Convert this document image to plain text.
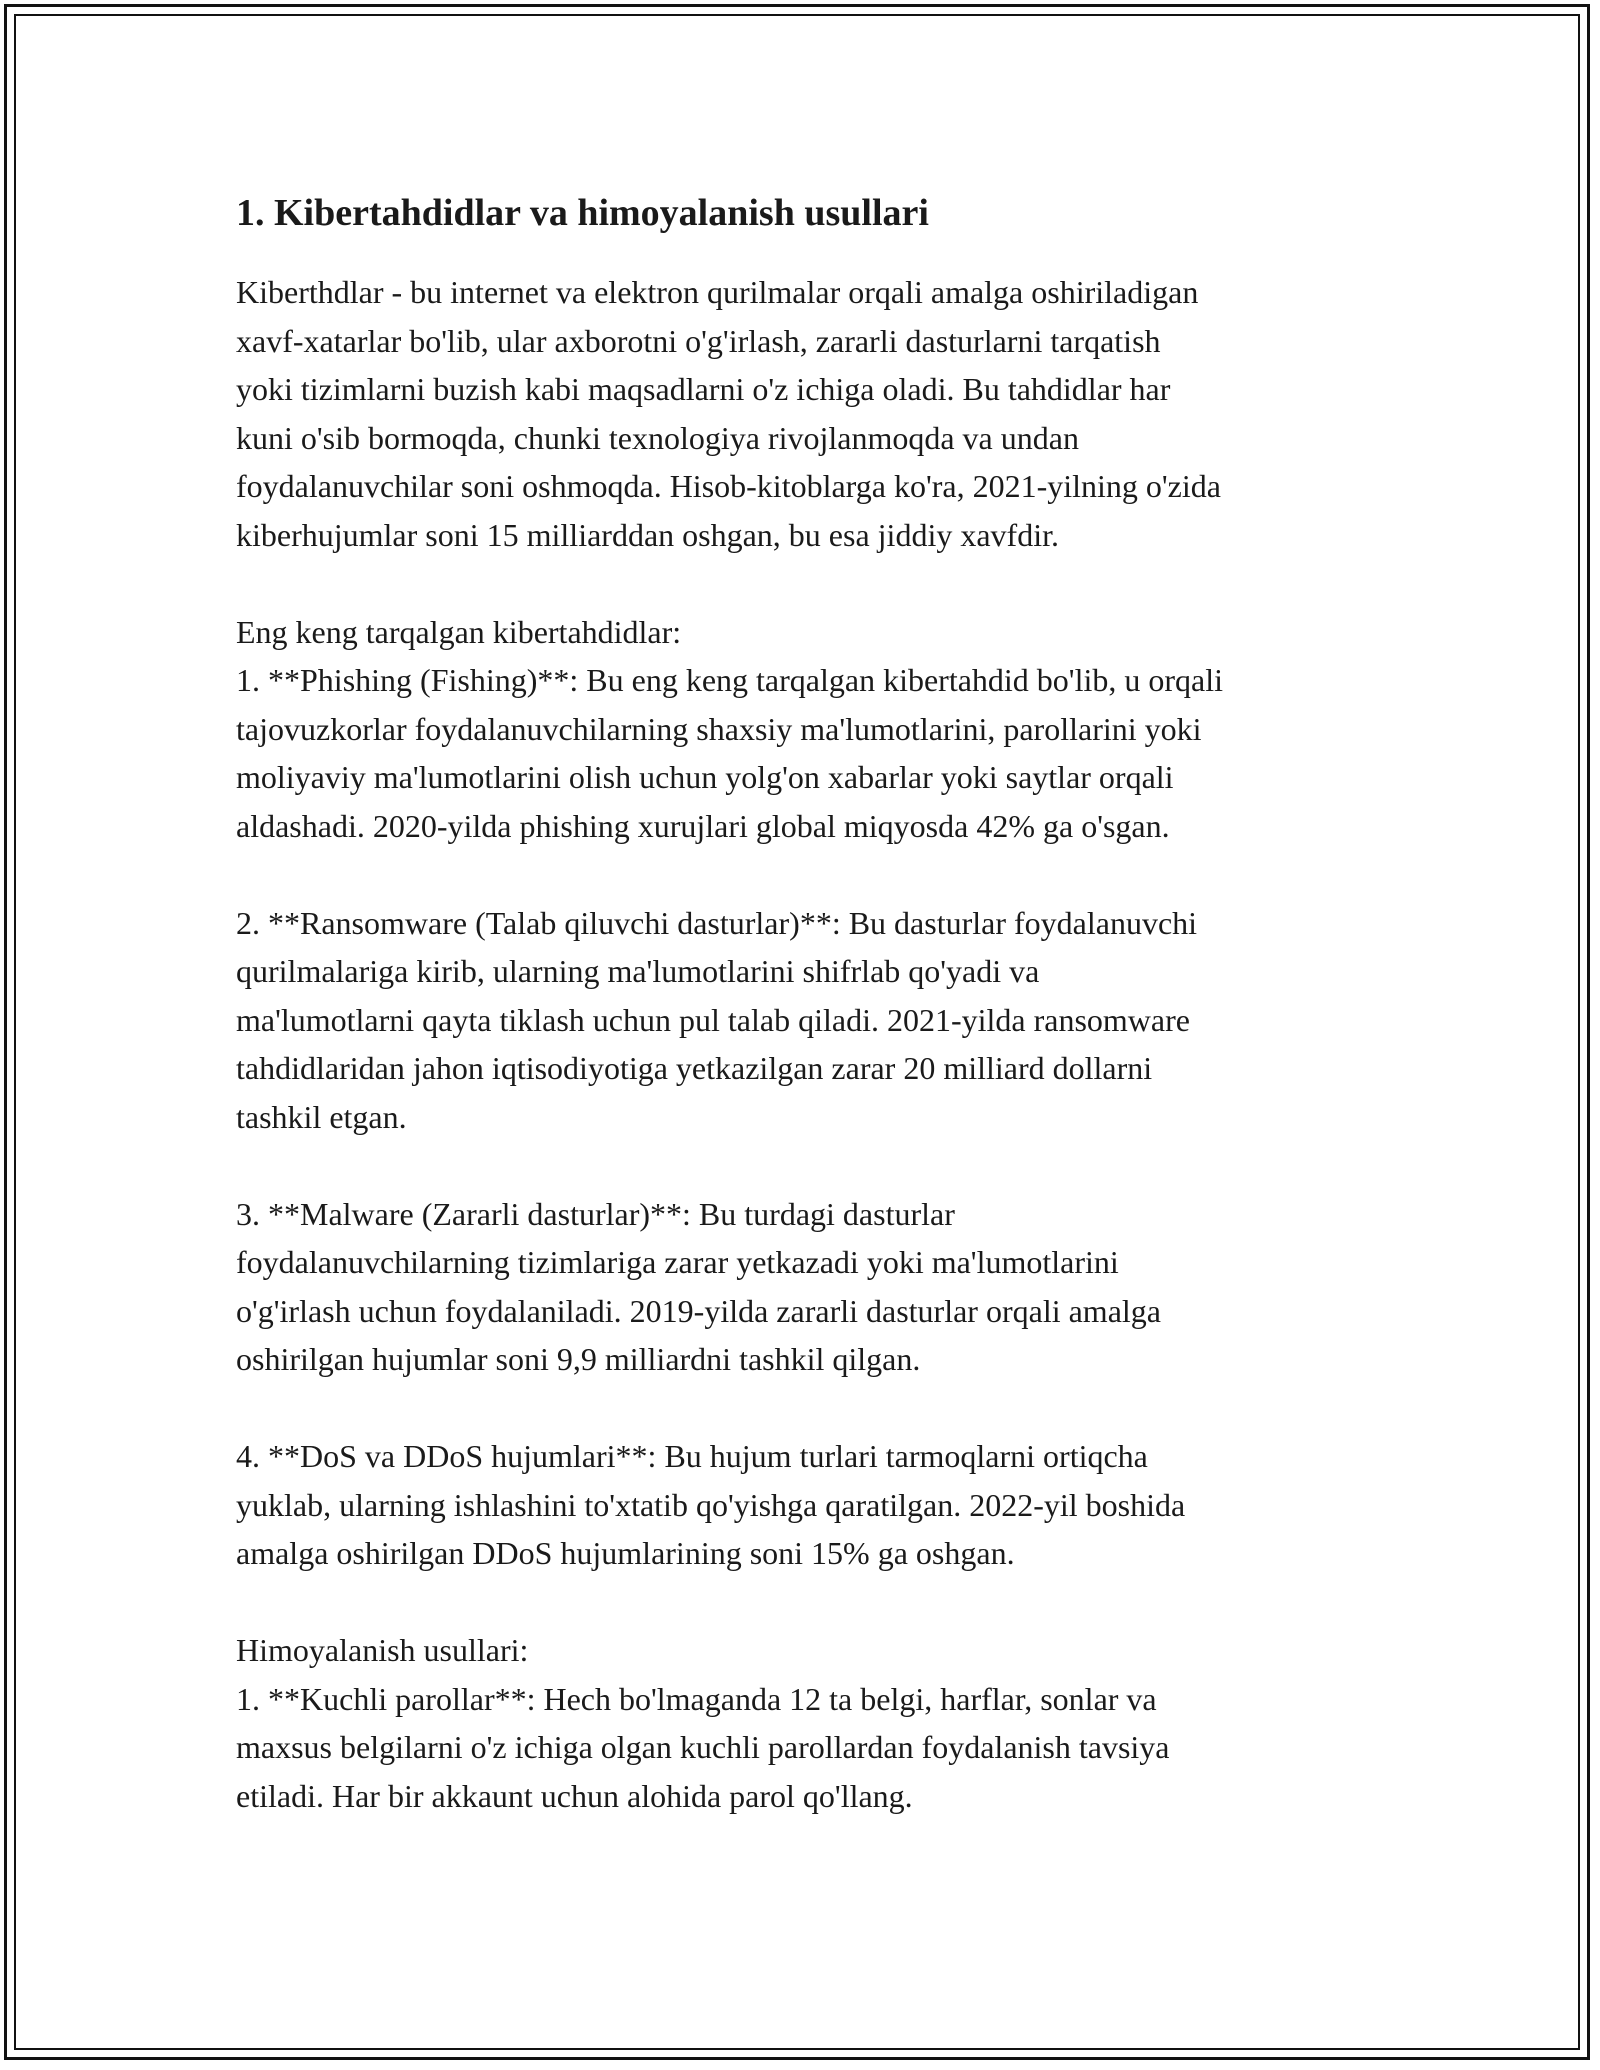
1. Kibertahdidlar va himoyalanish usullari

Kiberthdlar - bu internet va elektron qurilmalar orqali amalga oshiriladigan
xavf-xatarlar bo'lib, ular axborotni o'g'irlash, zararli dasturlarni tarqatish
yoki tizimlarni buzish kabi maqsadlarni o'z ichiga oladi. Bu tahdidlar har
kuni o'sib bormoqda, chunki texnologiya rivojlanmoqda va undan
foydalanuvchilar soni oshmoqda. Hisob-kitoblarga ko'ra, 2021-yilning o'zida
kiberhujumlar soni 15 milliarddan oshgan, bu esa jiddiy xavfdir.

Eng keng tarqalgan kibertahdidlar:
1. **Phishing (Fishing)**: Bu eng keng tarqalgan kibertahdid bo'lib, u orqali
tajovuzkorlar foydalanuvchilarning shaxsiy ma'lumotlarini, parollarini yoki
moliyaviy ma'lumotlarini olish uchun yolg'on xabarlar yoki saytlar orqali
aldashadi. 2020-yilda phishing xurujlari global miqyosda 42% ga o'sgan.

2. **Ransomware (Talab qiluvchi dasturlar)**: Bu dasturlar foydalanuvchi
qurilmalariga kirib, ularning ma'lumotlarini shifrlab qo'yadi va
ma'lumotlarni qayta tiklash uchun pul talab qiladi. 2021-yilda ransomware
tahdidlaridan jahon iqtisodiyotiga yetkazilgan zarar 20 milliard dollarni
tashkil etgan.

3. **Malware (Zararli dasturlar)**: Bu turdagi dasturlar
foydalanuvchilarning tizimlariga zarar yetkazadi yoki ma'lumotlarini
o'g'irlash uchun foydalaniladi. 2019-yilda zararli dasturlar orqali amalga
oshirilgan hujumlar soni 9,9 milliardni tashkil qilgan.

4. **DoS va DDoS hujumlari**: Bu hujum turlari tarmoqlarni ortiqcha
yuklab, ularning ishlashini to'xtatib qo'yishga qaratilgan. 2022-yil boshida
amalga oshirilgan DDoS hujumlarining soni 15% ga oshgan.

Himoyalanish usullari:
1. **Kuchli parollar**: Hech bo'lmaganda 12 ta belgi, harflar, sonlar va
maxsus belgilarni o'z ichiga olgan kuchli parollardan foydalanish tavsiya
etiladi. Har bir akkaunt uchun alohida parol qo'llang.
